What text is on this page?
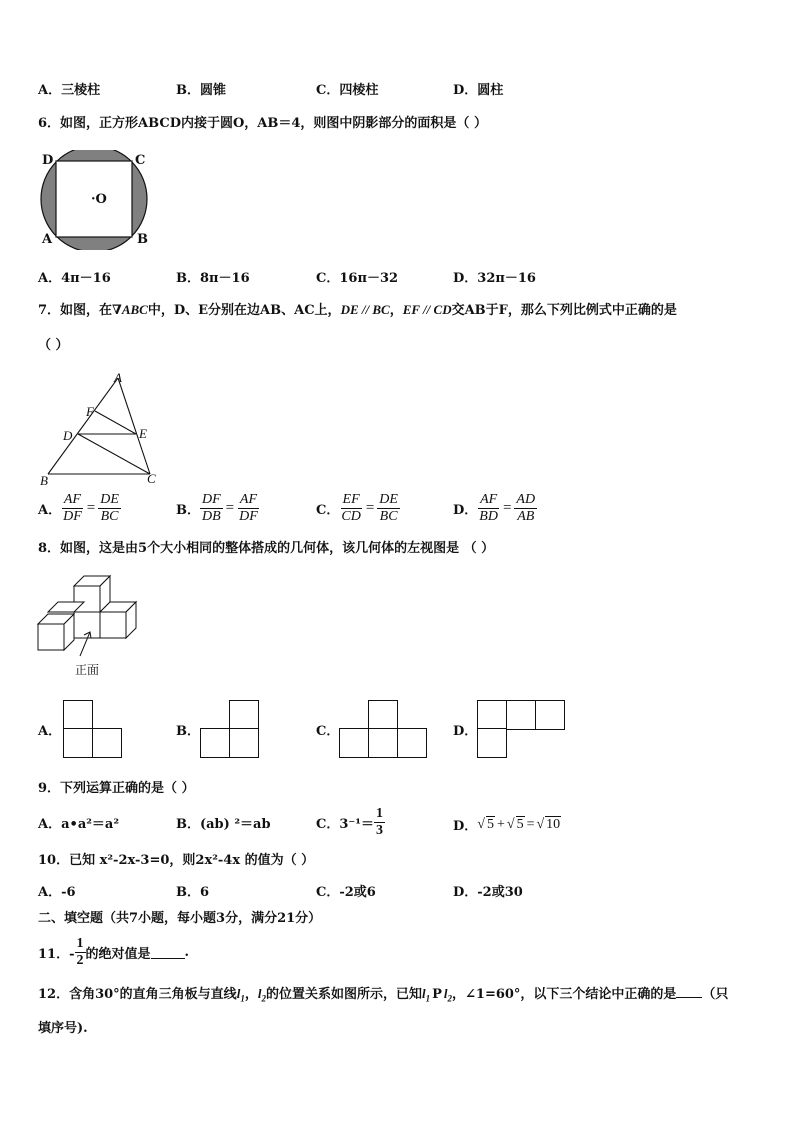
A．三棱柱	B．圆锥	C．四棱柱	D．圆柱
6．如图，正方形ABCD内接于圆O，AB＝4，则图中阴影部分的面积是（ ）
D	C
A	B
·O
A．4π－16	B．8π－16	C．16π－32	D．32π－16
7．如图，在∇ABC中，D、E分别在边AB、AC上，DE // BC，EF // CD交AB于F，那么下列比例式中正确的是
（ ）
A
F
D	E
B	C
A． $\frac{AF}{DF} = \frac{DE}{BC}$	B． $\frac{DF}{DB} = \frac{AF}{DF}$	C． $\frac{EF}{CD} = \frac{DE}{BC}$	D． $\frac{AF}{BD} = \frac{AD}{AB}$
8．如图，这是由5个大小相同的整体搭成的几何体，该几何体的左视图是 （ ）
正面
A．	B．	C．	D．
9．下列运算正确的是（ ）
A．a•a²＝a²	B．(ab) ²＝ab	C．$3^{-1}= \frac{1}{3}$	D． √ 5 + √ 5 = √ 10
10．已知 x²-2x-3=0，则2x²-4x 的值为（ ）
A．-6	B．6	C．-2或6	D．-2或30
二、填空题（共7小题，每小题3分，满分21分）
11．- $\frac{1}{2}$ 的绝对值是	.
12．含角30°的直角三角板与直线$l_1$，$l_2$的位置关系如图所示，已知$l_1$ P $l_2$，∠1=60°，以下三个结论中正确的是 （只
填序号).
